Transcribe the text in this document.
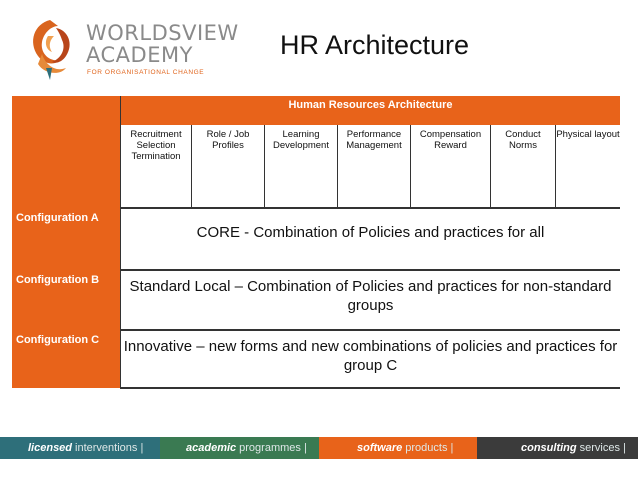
WORLDSVIEW
ACADEMY
FOR ORGANISATIONAL CHANGE
HR Architecture
	Human Resources Architecture						
	Recruitment Selection Termination	Role / Job Profiles	Learning Development	Performance Management	Compensation Reward	Conduct Norms	Physical layout
Configuration A	CORE - Combination of Policies and practices for all						
Configuration B	Standard Local – Combination of Policies and practices for non-standard groups						
Configuration C	Innovative – new forms and new combinations of policies and practices for group C						
licensed interventions |	academic programmes |	software products |	consulting services |
